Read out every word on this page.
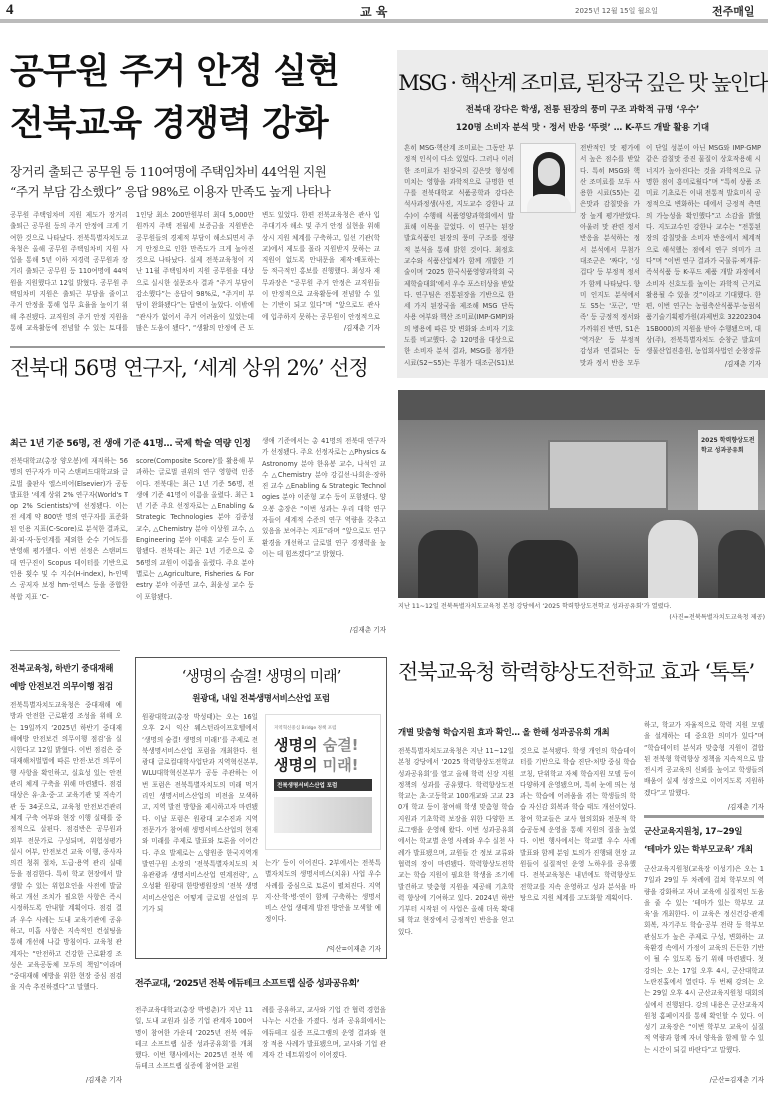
4	교 육	2025년 12월 15일 월요일	전주매일
공무원 주거 안정 실현
전북교육 경쟁력 강화
장거리 출퇴근 공무원 등 110여명에 주택임차비 44억원 지원
“주거 부담 감소했다” 응답 98%로 이용자 만족도 높게 나타나
공무원 주택임차비 지원 제도가 장거리 출퇴근 공무원 등의 주거 안정에 크게 기여한 것으로 나타났다. 전북특별자치도교육청은 올해 공무원 주택임차비 지원 사업을 통해 5년 이하 저경력 공무원과 장거리 출퇴근 공무원 등 110여명에 44억원을 지원했다고 12일 밝혔다. 공무원 주택임차비 지원은 출퇴근 부담을 줄이고 주거 안정을 통해 업무 효율을 높이기 위해 추진됐다. 교직원의 주거 안정 지원을 통해 교육활동에 전념할 수 있는 토대를
1인당 최소 200만원부터 최대 5,000만원까지 주택 전월세 보증금을 지원받은 공무원들의 경제적 부담이 해소되면서 주거 안정으로 인한 만족도가 크게 높아진 것으로 나타났다. 실제 전북교육청이 지난 11월 주택임차비 지원 공무원을 대상으로 실시한 설문조사 결과 “주거 부담이 감소했다”는 응답이 98%로, “주거비 부담이 완화됐다”는 답변이 높았다. 이밖에 “관사가 없어서 주거 어려움이 있었는데 많은 도움이 됐다”, “생활의 안정에 큰 도
변도 있었다. 한편 전북교육청은 관사 입주대기자 해소 및 주거 안정 실현을 위해 상시 지원 체계를 구축하고, 일선 기관(학교)에서 제도를 몰라 지원받지 못하는 교직원이 없도록 안내문을 제작·배포하는 등 적극적인 홍보를 진행했다. 최성자 재무과장은 “공무원 주거 안정은 교직원들이 안정적으로 교육활동에 전념할 수 있는 기반이 되고 있다”며 “앞으로도 관사에 입주하지 못하는 공무원이 안정적으로
/김재춘 기자
MSG · 핵산계 조미료, 된장국 깊은 맛 높인다
전북대 강다은 학생, 전통 된장의 풍미 구조 과학적 규명 ‘우수’
120명 소비자 분석 맛 · 정서 반응 ‘뚜렷’ … K-푸드 개발 활용 기대
흔히 MSG·핵산계 조미료는 그동안 부정적 인식이 다소 있었다. 그러나 이러한 조미료가 된장국의 깊은맛 형성에 미치는 영향을 과학적으로 규명한 연구를 전북대학교 식품공학과 강다은 석사과정생(사진, 지도교수 강한나 교수)이 수행해 식품영양과학회에서 발표해 이목을 끌었다. 이 연구는 된장 발효식품인 된장의 풍미 구조를 정량적 분석을 통해 밝힌 것이다. 최정호 교수와 식품산업체가 함께 개발한 기술이며 '2025 한국식품영양과학회 국제학술대회'에서 우수 포스터상을 받았다. 연구팀은 전통된장을 기반으로 한 세 가지 된장국을 제조해 MSG 단독 사용 여부와 핵산 조미료(IMP·GMP)와의 병용에 따른 맛 변화와 소비자 기호도를 비교했다. 총 120명을 대상으로 한 소비자 분석 결과, MSG를 첨가한 시료(S2~S5)는 무첨가 대조군(S1)보
전반적인 맛 평가에서 높은 점수를 받았다. 특히 MSG와 핵산 조미료를 모두 사용한 시료(S5)는 깊은맛과 감칠맛을 가장 높게 평가받았다. 아울러 맛 관련 정서 반응을 분석하는 정서 분석에서 무첨가 대조군은 '짜다', '싱겁다' 등 부정적 정서가 함께 나타났다. 향미 인지도 분석에서도 S5는 '포근', '만족' 등 긍정적 정서와 가까워진 반면, S1은 '역겨운' 등 부정적 감성과 연결되는 등 맛과 정서 반응 모두
이 단일 성분이 아닌 MSG와 IMP·GMP 같은 감칠맛 증진 물질이 상호작용해 시너지가 높아진다는 것을 과학적으로 규명한 점이 흥미로웠다”며 “특히 상품 조미료 기초로든 이내 전통적 발효미식 공정적으로 변화하는 데에서 긍정적 측면의 가능성을 확인했다”고 소감을 밝혔다. 지도교수인 강한나 교수는 “전통된장의 감칠맛을 소비자 반응에서 체계적으로 해석했는 점에서 연구 의미가 크다”며 “이번 연구 결과가 국물류·찌개류·즉석식품 등 K-푸드 제품 개발 과정에서 소비자 신호도를 높이는 과학적 근거로 활용될 수 있을 것”이라고 기대했다. 한편, 이번 연구는 농림축산식품부·농림식품기술기획평가원(과제번호 322023041SB000)의 지원을 받아 수행됐으며, 대상(주), 전북특별자치도 순창군 발효미생물산업진흥원, 농업회사법인 순창장류
/김재춘 기자
전북대 56명 연구자, ‘세계 상위 2%’ 선정
최근 1년 기준 56명, 전 생애 기준 41명… 국제 학술 역량 인정
전북대학교(총장 양오봉)에 재직하는 56명의 연구자가 미국 스탠퍼드대학교와 글로벌 출판사 엘스비어(Elsevier)가 공동 발표한 '세계 상위 2% 연구자(World's Top 2% Scientists)'에 선정됐다. 이는 전 세계 약 800만 명의 연구자를 표준화된 인용 지표(C-Score)로 분석한 결과로, 최·피·자·동인계를 제외한 순수 기여도를 반영해 평가했다. 이번 선정은 스탠퍼드대 연구진이 Scopus 데이터를 기반으로 인용 횟수 및 수 지수(H-index), h-인덱스 공저자 보정 hm-인덱스 등을 종합한 복합 지표 ‘C-
score(Composite Score)’를 활용해 부과하는 글로벌 권위의 연구 영향력 인증이다. 전북대는 최근 1년 기준 56명, 전 생애 기준 41명이 이름을 올렸다. 최근 1년 기준 주요 선정자로는 △Enabling & Strategic Technologies 분야 김종성 교수, △Chemistry 분야 이상원 교수, △Engineering 분야 이태훈 교수 등이 포함됐다. 전북대는 최근 1년 기준으로 총 56명의 교원이 이름을 올렸다. 주요 분야별로는 △Agriculture, Fisheries & Forestry 분야 이종민 교수, 최윤성 교수 등이 포함됐다.
생애 기준에서는 총 41명의 전북대 연구자가 선정됐다. 주요 선정자로는 △Physics & Astronomy 분야 한유봉 교수, 나석인 교수 △Chemistry 분야 강길선·나희운·장하진 교수 △Enabling & Strategic Technologies 분야 이준형 교수 등이 포함됐다. 양오봉 총장은 “이번 성과는 우리 대학 연구자들이 세계적 수준의 연구 역량을 갖추고 있음을 보여주는 지표”라며 “앞으로도 연구 환경을 개선하고 글로벌 연구 경쟁력을 높이는 데 힘쓰겠다”고 밝혔다.
/김재춘 기자
2025 학력향상도전학교 성과공유회
지난 11~12일 전북특별자치도교육청 본청 강당에서 ‘2025 학력향상도전학교 성과공유회’가 열렸다.
(사진=전북특별자치도교육청 제공)
전북교육청, 하반기 중대재해
예방 안전보건 의무이행 점검
전북특별자치도교육청은 중대재해 예방과 안전한 근로환경 조성을 위해 오는 19일까지 ‘2025년 하반기 중대재해예방 안전보건 의무이행 점검’을 실시한다고 12일 밝혔다. 이번 점검은 중대재해처벌법에 따른 안전·보건 의무이행 사항을 확인하고, 실효성 있는 안전관리 체계 구축을 위해 마련됐다. 점검 대상은 유·초·중·고 교육기관 및 직속기관 등 34곳으로, 교육청 안전보건관리체계 구축 여부와 현장 이행 실태를 중점적으로 살핀다. 점검반은 공무원과 외부 전문가로 구성되며, 위험성평가 실시 여부, 안전보건 교육 이행, 종사자 의견 청취 절차, 도급·용역 관리 실태 등을 점검한다. 특히 학교 현장에서 발생할 수 있는 위험요인을 사전에 발굴하고 개선 조치가 필요한 사항은 즉시 시정하도록 안내할 계획이다. 점검 결과 우수 사례는 도내 교육기관에 공유하고, 미흡 사항은 지속적인 컨설팅을 통해 개선해 나갈 방침이다. 교육청 관계자는 “안전하고 건강한 근로환경 조성은 교육공동체 모두의 책임”이라며 “중대재해 예방을 위한 현장 중심 점검을 지속 추진하겠다”고 말했다.
/김재춘 기자
‘생명의 숨결! 생명의 미래’
원광대, 내일 전북생명서비스산업 포럼
원광대학교(총장 박성태)는 오는 16일 오후 2시 익산 웨스턴라이프호텔에서 ‘생명의 숨결! 생명의 미래!’를 주제로 전북생명서비스산업 포럼을 개최한다. 원광대 글로컬대학사업단과 지역혁신본부, WLU대학혁신본부가 공동 주관하는 이번 포럼은 전북특별자치도의 미래 먹거리인 생명서비스산업의 비전을 모색하고, 지역 발전 방향을 제시하고자 마련됐다. 이날 포럼은 원광대 교수진과 지역 전문가가 참여해 생명서비스산업의 현재와 미래를 주제로 발표와 토론을 이어간다. 주요 발제로는 △양원종 한국지역개발연구원 소장의 ‘전북특별자치도의 치유관광과 생명서비스산업 연계전략’, △오성환 원광대 한방병원장의 ‘전북 생명서비스산업은 어떻게 글로벌 산업의 무기가 되
지역혁신중심 Bridge 정책 포럼
생명의 숨결!
생명의 미래!
전북생명서비스산업 포럼
는가’ 등이 이어진다. 2부에서는 전북특별자치도의 생명서비스(치유) 사업 우수 사례를 중심으로 토론이 펼쳐진다. 지역 지·산·학·병·연이 함께 구축하는 생명서비스 산업 생태계 발전 방안을 모색할 예정이다.
/익산=이재춘 기자
전주교대, ‘2025년 전북 에듀테크 소프트랩 실증 성과공유회’
전주교육대학교(총장 박병춘)가 지난 11일, 도내 교원과 실증 기업 관계자 100여 명이 참여한 가운데 ‘2025년 전북 에듀테크 소프트랩 실증 성과공유회’를 개최했다. 이번 행사에서는 2025년 전북 에듀테크 소프트랩 실증에 참여한 교원
례를 공유하고, 교사와 기업 간 협력 경험을 나누는 시간을 가졌다. 성과 공유회에서는 에듀테크 실증 프로그램의 운영 결과와 현장 적용 사례가 발표됐으며, 교사와 기업 관계자 간 네트워킹이 이어졌다.
전북교육청 학력향상도전학교 효과 ‘톡톡’
개별 맞춤형 학습지원 효과 확인… 올 한해 성과공유회 개최
전북특별자치도교육청은 지난 11~12일 본청 강당에서 ‘2025 학력향상도전학교 성과공유회’를 열고 올해 학력 신장 지원 정책의 성과를 공유했다. 학력향상도전학교는 초·고등학교 100개교와 고교 230개 학교 등이 참여해 학생 맞춤형 학습지원과 기초학력 보장을 위한 다양한 프로그램을 운영해 왔다. 이번 성과공유회에서는 학교별 운영 사례와 우수 실천 사례가 발표됐으며, 교원들 간 정보 교류와 협력의 장이 마련됐다. 학력향상도전학교는 학습 지원이 필요한 학생을 조기에 발견하고 맞춤형 지원을 제공해 기초학력 향상에 기여하고 있다. 2024년 하반기부터 시작된 이 사업은 올해 더욱 확대돼 학교 현장에서 긍정적인 반응을 얻고 있다.
것으로 분석됐다. 학생 개인의 학습데이터를 기반으로 학습 진단-처방 중심 학습코칭, 단위학교 자체 학습지원 모델 등이 다양하게 운영됐으며, 특히 눈에 띄는 성과는 학습에 어려움을 겪는 학생들의 학습 자신감 회복과 학습 태도 개선이었다. 참여 학교들은 교사 협의회와 전문적 학습공동체 운영을 통해 지원의 질을 높였다. 이번 행사에서는 학교별 우수 사례 발표와 함께 분임 토의가 진행돼 현장 교원들이 실질적인 운영 노하우를 공유했다. 전북교육청은 내년에도 학력향상도전학교를 지속 운영하고 성과 분석을 바탕으로 지원 체계를 고도화할 계획이다.
하고, 학교가 자율적으로 학력 지원 모델을 설계하는 데 중요한 의미가 있다”며 “학습데이터 분석과 맞춤형 지원이 결합된 전북형 학력향상 정책을 지속적으로 발전시켜 공교육의 신뢰를 높이고 학생들의 배움이 실제 성장으로 이어지도록 지원하겠다”고 말했다.
/김재춘 기자
군산교육지원청, 17~29일
‘테마가 있는 학부모교육’ 개최
군산교육지원청(교육장 이성기)은 오는 17일과 29일 두 차례에 걸쳐 학부모의 역량을 강화하고 자녀 교육에 실질적인 도움을 줄 수 있는 ‘테마가 있는 학부모 교육’을 개최한다. 이 교육은 정신건강·관계 회복, 자기주도 학습·공부 전략 등 학부모 관심도가 높은 주제로 구성, 변화하는 교육환경 속에서 가정이 교육의 든든한 기반이 될 수 있도록 돕기 위해 마련됐다. 첫 강의는 오는 17일 오후 4시, 군산대학교 노란진홀에서 열린다. 두 번째 강의는 오는 29일 오후 4시 군산교육지원청 대회의실에서 진행된다. 강의 내용은 군산교육지원청 홈페이지를 통해 확인할 수 있다. 이성기 교육장은 “이번 학부모 교육이 실질적 역량과 함께 자녀 양육을 함께 할 수 있는 시간이 되길 바란다”고 말했다.
/군산=김재춘 기자
